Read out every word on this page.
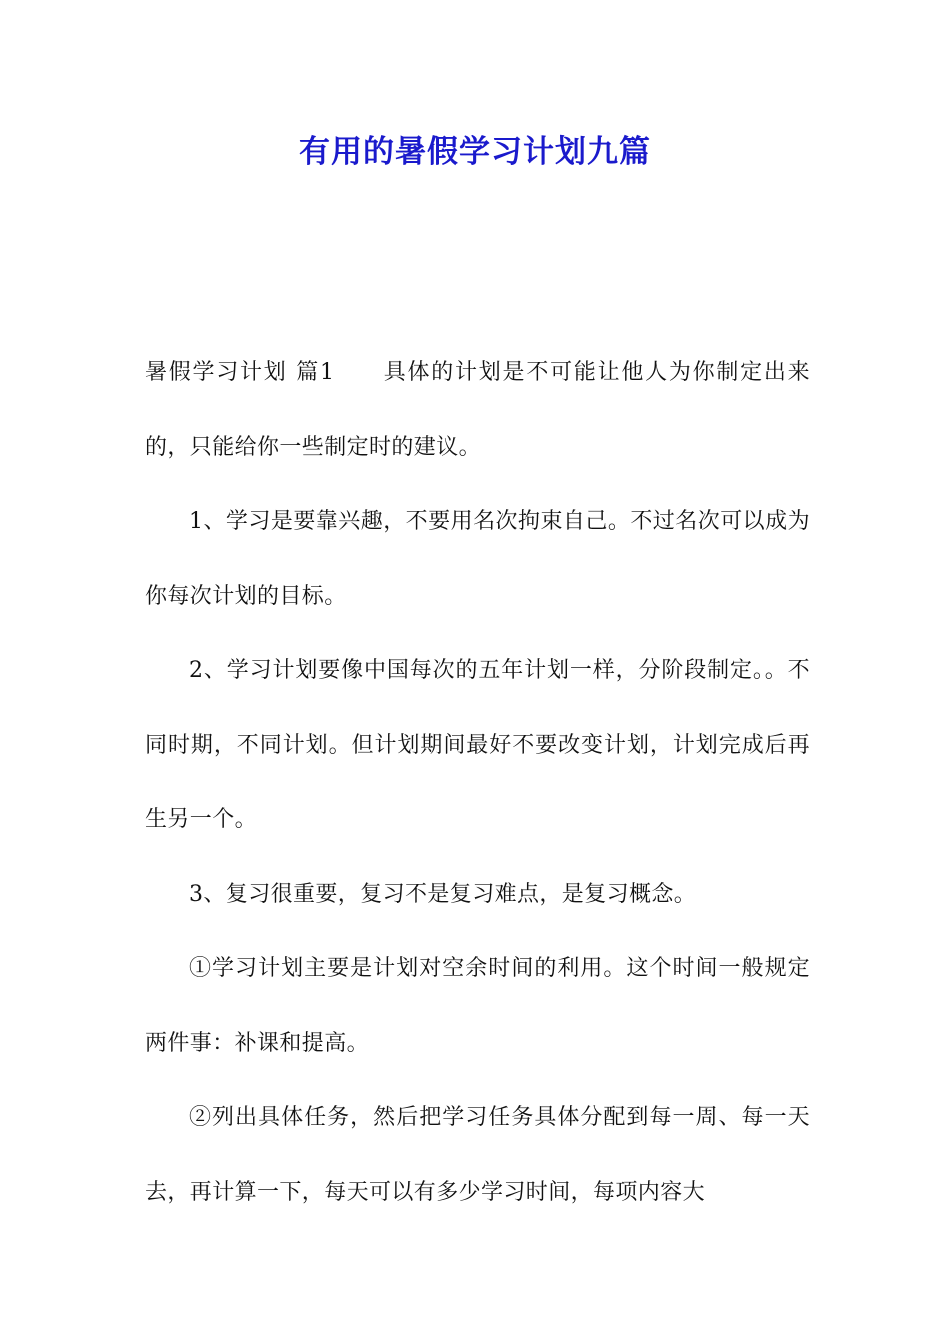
有用的暑假学习计划九篇

暑假学习计划 篇1 具体的计划是不可能让他人为你制定出来的，只能给你一些制定时的建议。

1、学习是要靠兴趣，不要用名次拘束自己。不过名次可以成为你每次计划的目标。

2、学习计划要像中国每次的五年计划一样，分阶段制定。。不同时期，不同计划。但计划期间最好不要改变计划，计划完成后再生另一个。

3、复习很重要，复习不是复习难点，是复习概念。

①学习计划主要是计划对空余时间的利用。这个时间一般规定两件事：补课和提高。

②列出具体任务，然后把学习任务具体分配到每一周、每一天去，再计算一下，每天可以有多少学习时间，每项内容大
